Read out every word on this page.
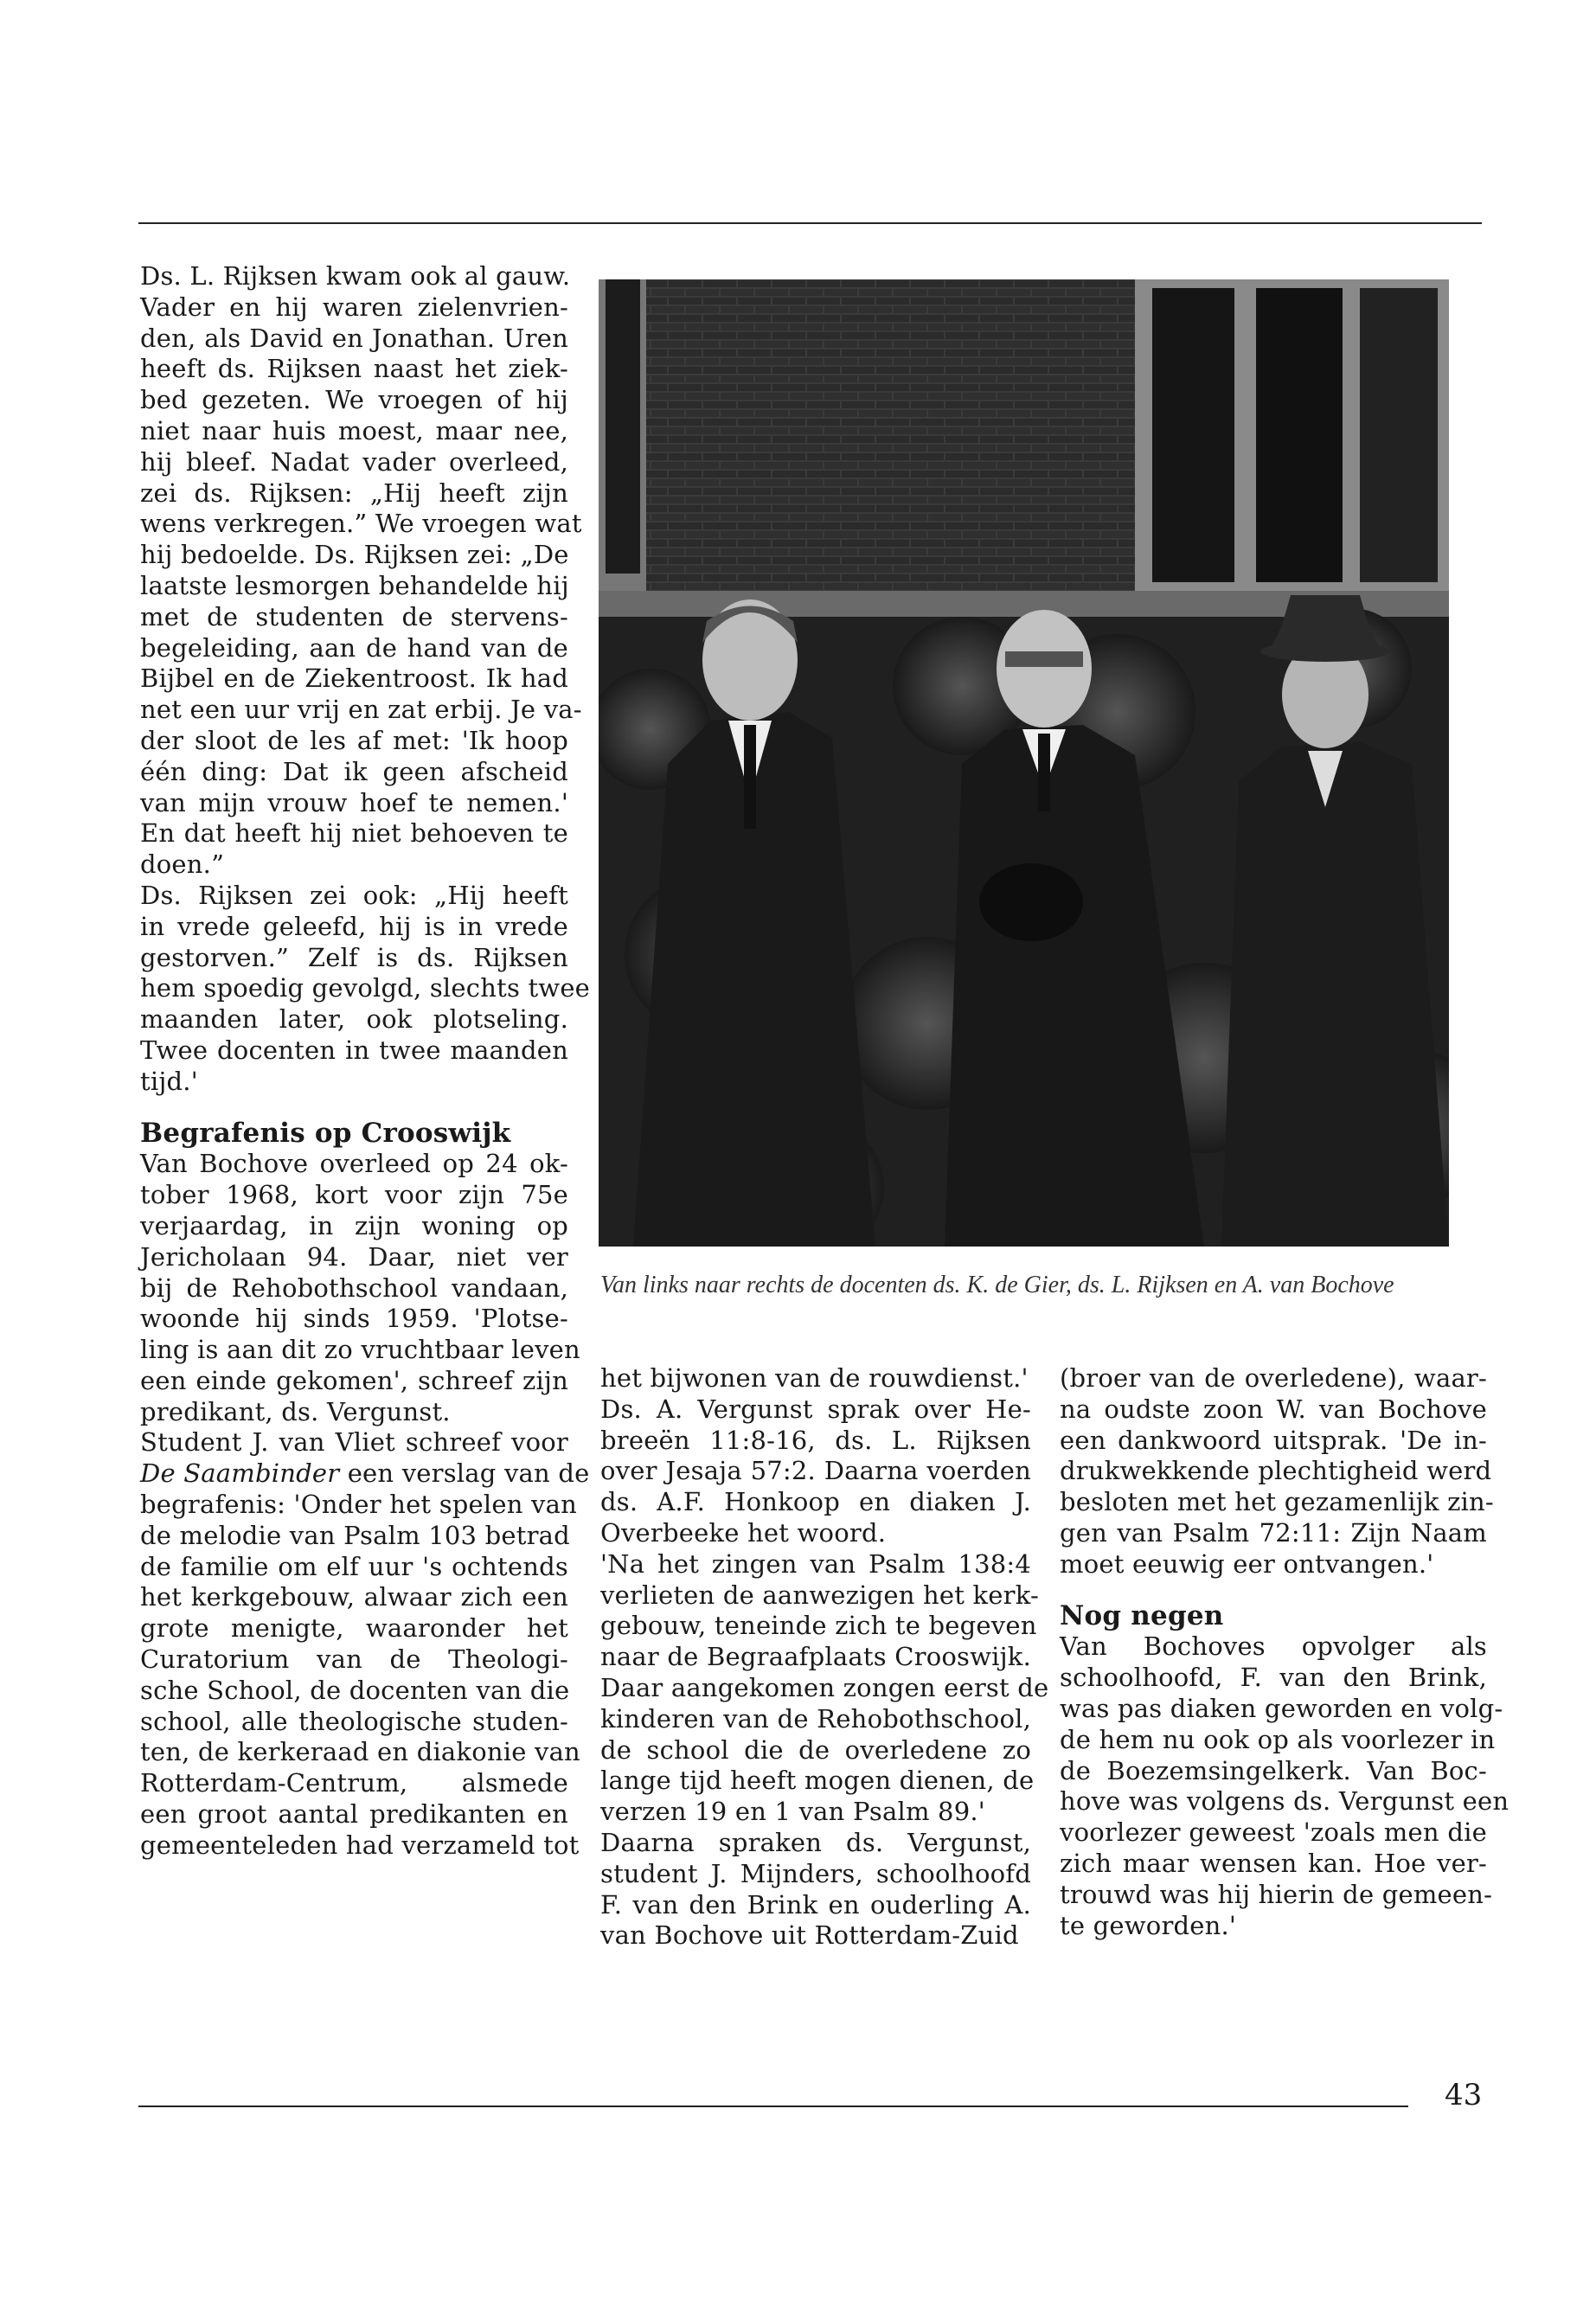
Ds. L. Rijksen kwam ook al gauw.
Vader en hij waren zielenvrien-
den, als David en Jonathan. Uren
heeft ds. Rijksen naast het ziek-
bed gezeten. We vroegen of hij
niet naar huis moest, maar nee,
hij bleef. Nadat vader overleed,
zei ds. Rijksen: „Hij heeft zijn
wens verkregen.” We vroegen wat
hij bedoelde. Ds. Rijksen zei: „De
laatste lesmorgen behandelde hij
met de studenten de stervens-
begeleiding, aan de hand van de
Bijbel en de Ziekentroost. Ik had
net een uur vrij en zat erbij. Je va-
der sloot de les af met: 'Ik hoop
één ding: Dat ik geen afscheid
van mijn vrouw hoef te nemen.'
En dat heeft hij niet behoeven te
doen.”
Ds. Rijksen zei ook: „Hij heeft
in vrede geleefd, hij is in vrede
gestorven.” Zelf is ds. Rijksen
hem spoedig gevolgd, slechts twee
maanden later, ook plotseling.
Twee docenten in twee maanden
tijd.'
Begrafenis op Crooswijk
Van Bochove overleed op 24 ok-
tober 1968, kort voor zijn 75e
verjaardag, in zijn woning op
Jericholaan 94. Daar, niet ver
bij de Rehobothschool vandaan,
woonde hij sinds 1959. 'Plotse-
ling is aan dit zo vruchtbaar leven
een einde gekomen', schreef zijn
predikant, ds. Vergunst.
Student J. van Vliet schreef voor
De Saambinder een verslag van de
begrafenis: 'Onder het spelen van
de melodie van Psalm 103 betrad
de familie om elf uur 's ochtends
het kerkgebouw, alwaar zich een
grote menigte, waaronder het
Curatorium van de Theologi-
sche School, de docenten van die
school, alle theologische studen-
ten, de kerkeraad en diakonie van
Rotterdam-Centrum, alsmede
een groot aantal predikanten en
gemeenteleden had verzameld tot
Van links naar rechts de docenten ds. K. de Gier, ds. L. Rijksen en A. van Bochove
het bijwonen van de rouwdienst.'
Ds. A. Vergunst sprak over He-
breeën 11:8-16, ds. L. Rijksen
over Jesaja 57:2. Daarna voerden
ds. A.F. Honkoop en diaken J.
Overbeeke het woord.
'Na het zingen van Psalm 138:4
verlieten de aanwezigen het kerk-
gebouw, teneinde zich te begeven
naar de Begraafplaats Crooswijk.
Daar aangekomen zongen eerst de
kinderen van de Rehobothschool,
de school die de overledene zo
lange tijd heeft mogen dienen, de
verzen 19 en 1 van Psalm 89.'
Daarna spraken ds. Vergunst,
student J. Mijnders, schoolhoofd
F. van den Brink en ouderling A.
van Bochove uit Rotterdam-Zuid
(broer van de overledene), waar-
na oudste zoon W. van Bochove
een dankwoord uitsprak. 'De in-
drukwekkende plechtigheid werd
besloten met het gezamenlijk zin-
gen van Psalm 72:11: Zijn Naam
moet eeuwig eer ontvangen.'
Nog negen
Van Bochoves opvolger als
schoolhoofd, F. van den Brink,
was pas diaken geworden en volg-
de hem nu ook op als voorlezer in
de Boezemsingelkerk. Van Boc-
hove was volgens ds. Vergunst een
voorlezer geweest 'zoals men die
zich maar wensen kan. Hoe ver-
trouwd was hij hierin de gemeen-
te geworden.'
43
